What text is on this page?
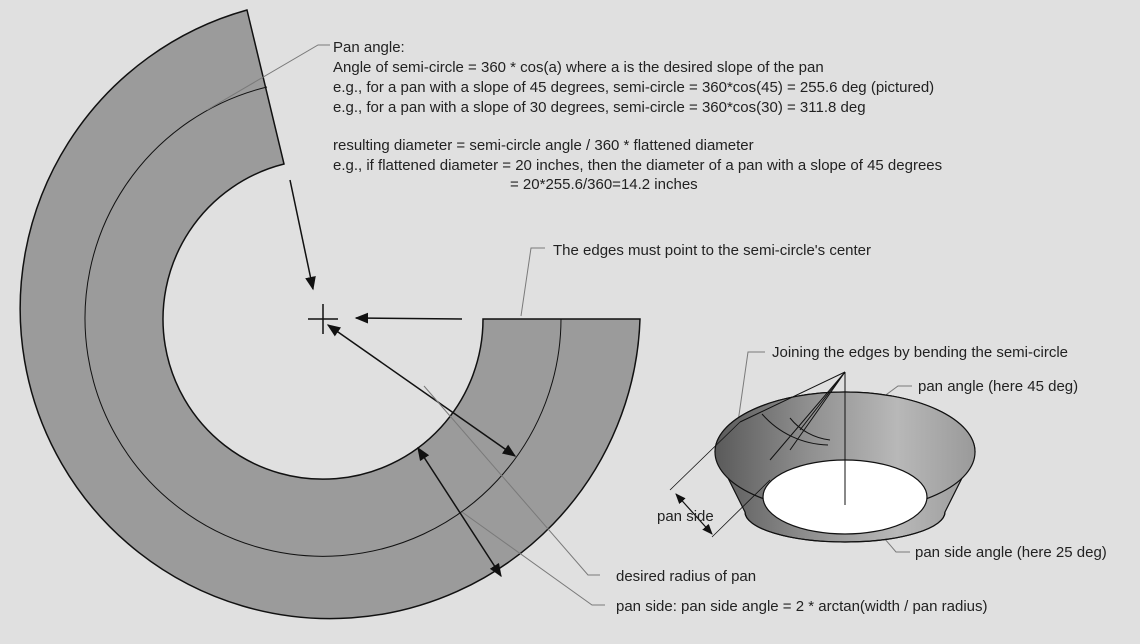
Pan angle:
Angle of semi-circle = 360 * cos(a) where a is the desired slope of the pan
e.g., for a pan with a slope of 45 degrees, semi-circle = 360*cos(45) = 255.6 deg (pictured)
e.g., for a pan with a slope of 30 degrees, semi-circle = 360*cos(30) = 311.8 deg
resulting diameter = semi-circle angle / 360 * flattened diameter
e.g., if flattened diameter = 20 inches, then the diameter of a pan with a slope of 45 degrees
= 20*255.6/360=14.2 inches
The edges must point to the semi-circle's center
desired radius of pan
pan side: pan side angle = 2 * arctan(width / pan radius)
Joining the edges by bending the semi-circle
pan angle (here 45 deg)
pan side
pan side angle (here 25 deg)
